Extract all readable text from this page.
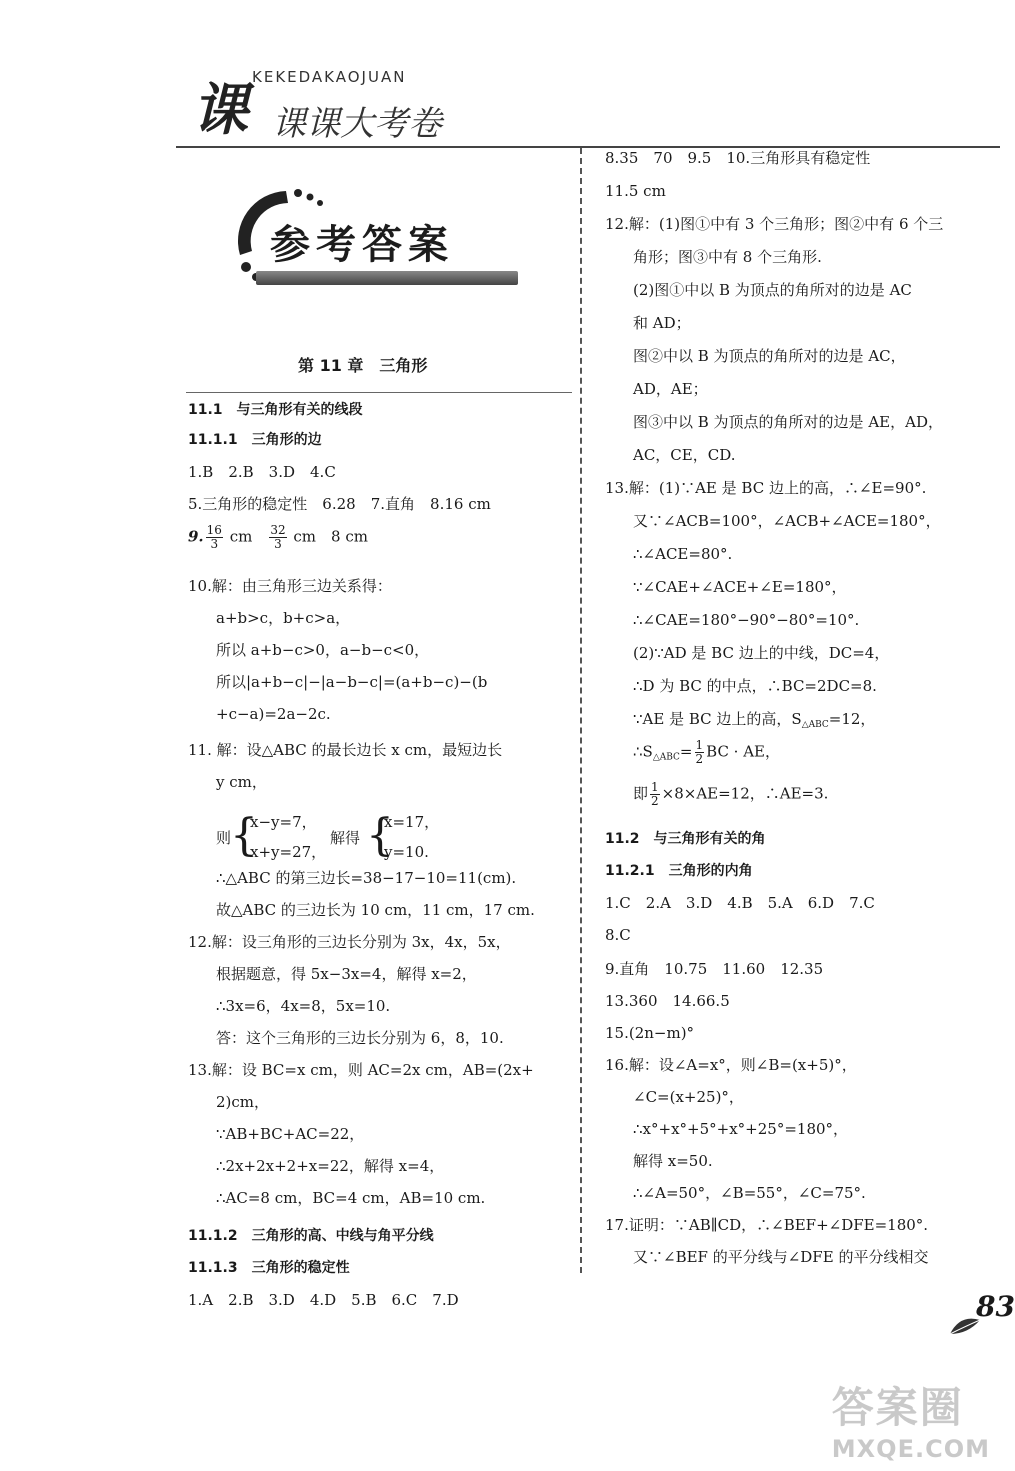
课 KEKEDAKAOJUAN
课课大考卷
参考答案
第 11 章　三角形
11.1　与三角形有关的线段
11.1.1　三角形的边
1.B　2.B　3.D　4.C
5.三角形的稳定性　6.28　7.直角　8.16 cm
9. $\frac{16}{3}$ cm　 $\frac{32}{3}$ cm　8 cm
10.解：由三角形三边关系得：
a+b>c，b+c>a，
所以 a+b−c>0，a−b−c<0，
所以|a+b−c|−|a−b−c|=(a+b−c)−(b
+c−a)=2a−2c.
11. 解：设△ABC 的最长边长 x cm，最短边长
y cm，
则
{
x−y=7，
x+y=27，
解得 {
x=17，
y=10.
∴△ABC 的第三边长=38−17−10=11(cm).
故△ABC 的三边长为 10 cm，11 cm，17 cm.
12.解：设三角形的三边长分别为 3x，4x，5x，
根据题意，得 5x−3x=4，解得 x=2，
∴3x=6，4x=8，5x=10.
答：这个三角形的三边长分别为 6，8，10.
13.解：设 BC=x cm，则 AC=2x cm，AB=(2x+
2)cm，
∵AB+BC+AC=22，
∴2x+2x+2+x=22，解得 x=4，
∴AC=8 cm，BC=4 cm，AB=10 cm.
11.1.2　三角形的高、中线与角平分线
11.1.3　三角形的稳定性
1.A　2.B　3.D　4.D　5.B　6.C　7.D
8.35　70　9.5　10.三角形具有稳定性
11.5 cm
12.解：(1)图①中有 3 个三角形；图②中有 6 个三
角形；图③中有 8 个三角形.
(2)图①中以 B 为顶点的角所对的边是 AC
和 AD；
图②中以 B 为顶点的角所对的边是 AC，
AD，AE；
图③中以 B 为顶点的角所对的边是 AE，AD，
AC，CE，CD.
13.解：(1)∵AE 是 BC 边上的高，∴∠E=90°.
又∵∠ACB=100°，∠ACB+∠ACE=180°，
∴∠ACE=80°.
∵∠CAE+∠ACE+∠E=180°，
∴∠CAE=180°−90°−80°=10°.
(2)∵AD 是 BC 边上的中线，DC=4，
∴D 为 BC 的中点，∴BC=2DC=8.
∵AE 是 BC 边上的高，$S_{\triangle ABC}=12$，
$\therefore S_{\triangle ABC}= \frac{1}{2}$ BC · AE，
即 $\frac{1}{2} \times 8\times AE=12$，∴AE=3.
11.2　与三角形有关的角
11.2.1　三角形的内角
1.C　2.A　3.D　4.B　5.A　6.D　7.C
8.C
9.直角　10.75　11.60　12.35
13.360　14.66.5
15.(2n−m)°
16.解：设∠A=x°，则∠B=(x+5)°，
∠C=(x+25)°，
∴x°+x°+5°+x°+25°=180°，
解得 x=50.
∴∠A=50°，∠B=55°，∠C=75°.
17.证明：∵AB∥CD，∴∠BEF+∠DFE=180°.
又∵∠BEF 的平分线与∠DFE 的平分线相交
83
答案圈
MXQE.COM
